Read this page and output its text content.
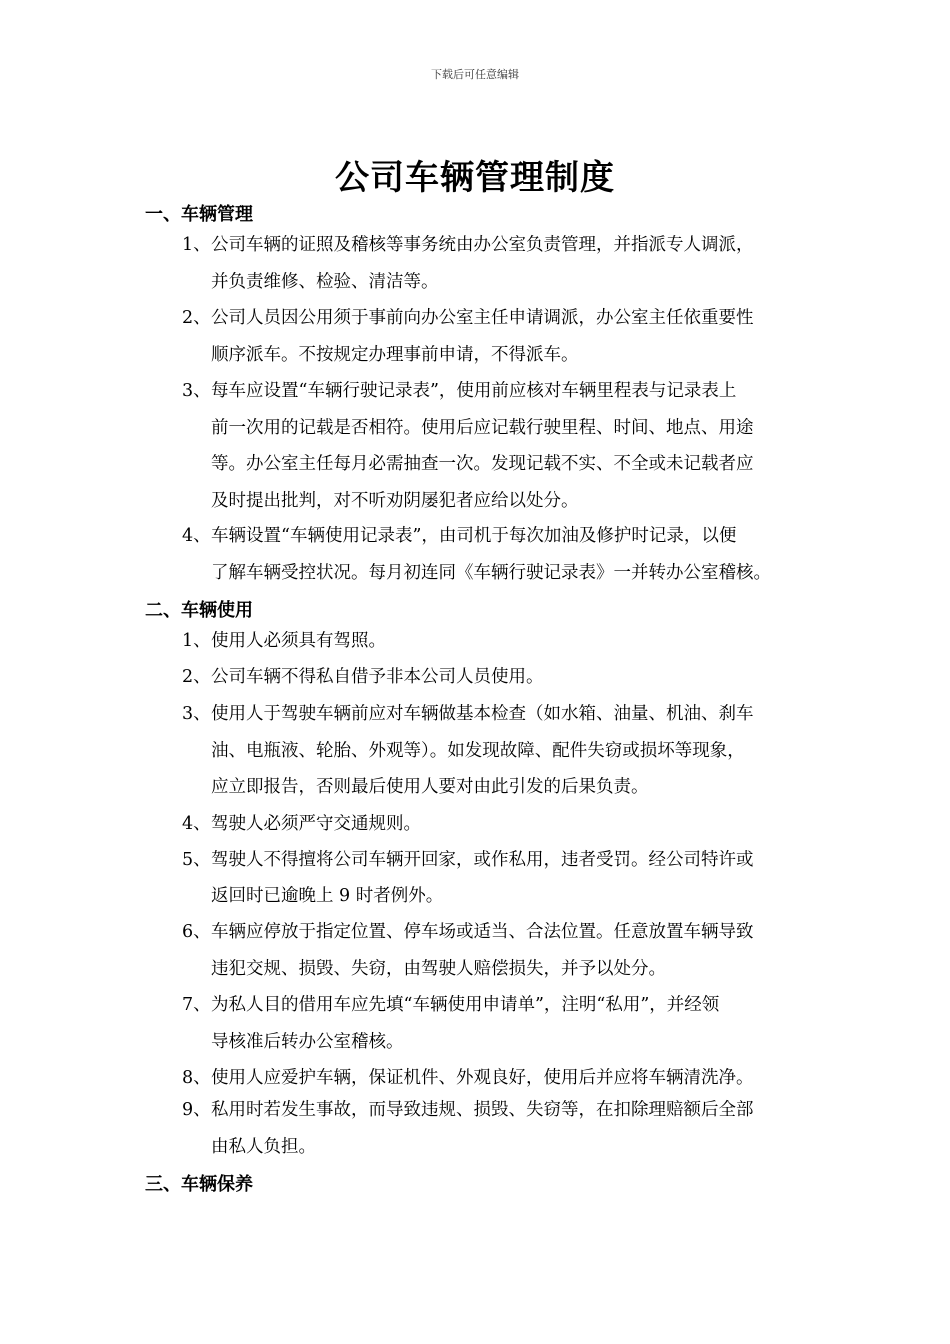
下载后可任意编辑
公司车辆管理制度
一、车辆管理
1、 公司车辆的证照及稽核等事务统由办公室负责管理，并指派专人调派，
并负责维修、检验、清洁等。
2、 公司人员因公用须于事前向办公室主任申请调派，办公室主任依重要性
顺序派车。不按规定办理事前申请，不得派车。
3、 每车应设置“车辆行驶记录表”，使用前应核对车辆里程表与记录表上
前一次用的记载是否相符。使用后应记载行驶里程、时间、地点、用途
等。办公室主任每月必需抽查一次。发现记载不实、不全或未记载者应
及时提出批判，对不听劝阴屡犯者应给以处分。
4、 车辆设置“车辆使用记录表”，由司机于每次加油及修护时记录，以便
了解车辆受控状况。每月初连同《车辆行驶记录表》一并转办公室稽核。
二、车辆使用
1、 使用人必须具有驾照。
2、 公司车辆不得私自借予非本公司人员使用。
3、 使用人于驾驶车辆前应对车辆做基本检查（如水箱、油量、机油、刹车
油、电瓶液、轮胎、外观等）。如发现故障、配件失窃或损坏等现象，
应立即报告，否则最后使用人要对由此引发的后果负责。
4、 驾驶人必须严守交通规则。
5、 驾驶人不得擅将公司车辆开回家，或作私用，违者受罚。经公司特许或
返回时已逾晚上 9 时者例外。
6、 车辆应停放于指定位置、停车场或适当、合法位置。任意放置车辆导致
违犯交规、损毁、失窃，由驾驶人赔偿损失，并予以处分。
7、 为私人目的借用车应先填“车辆使用申请单”，注明“私用”，并经领
导核准后转办公室稽核。
8、 使用人应爱护车辆，保证机件、外观良好，使用后并应将车辆清洗净。
9、 私用时若发生事故，而导致违规、损毁、失窃等，在扣除理赔额后全部
由私人负担。
三、车辆保养
